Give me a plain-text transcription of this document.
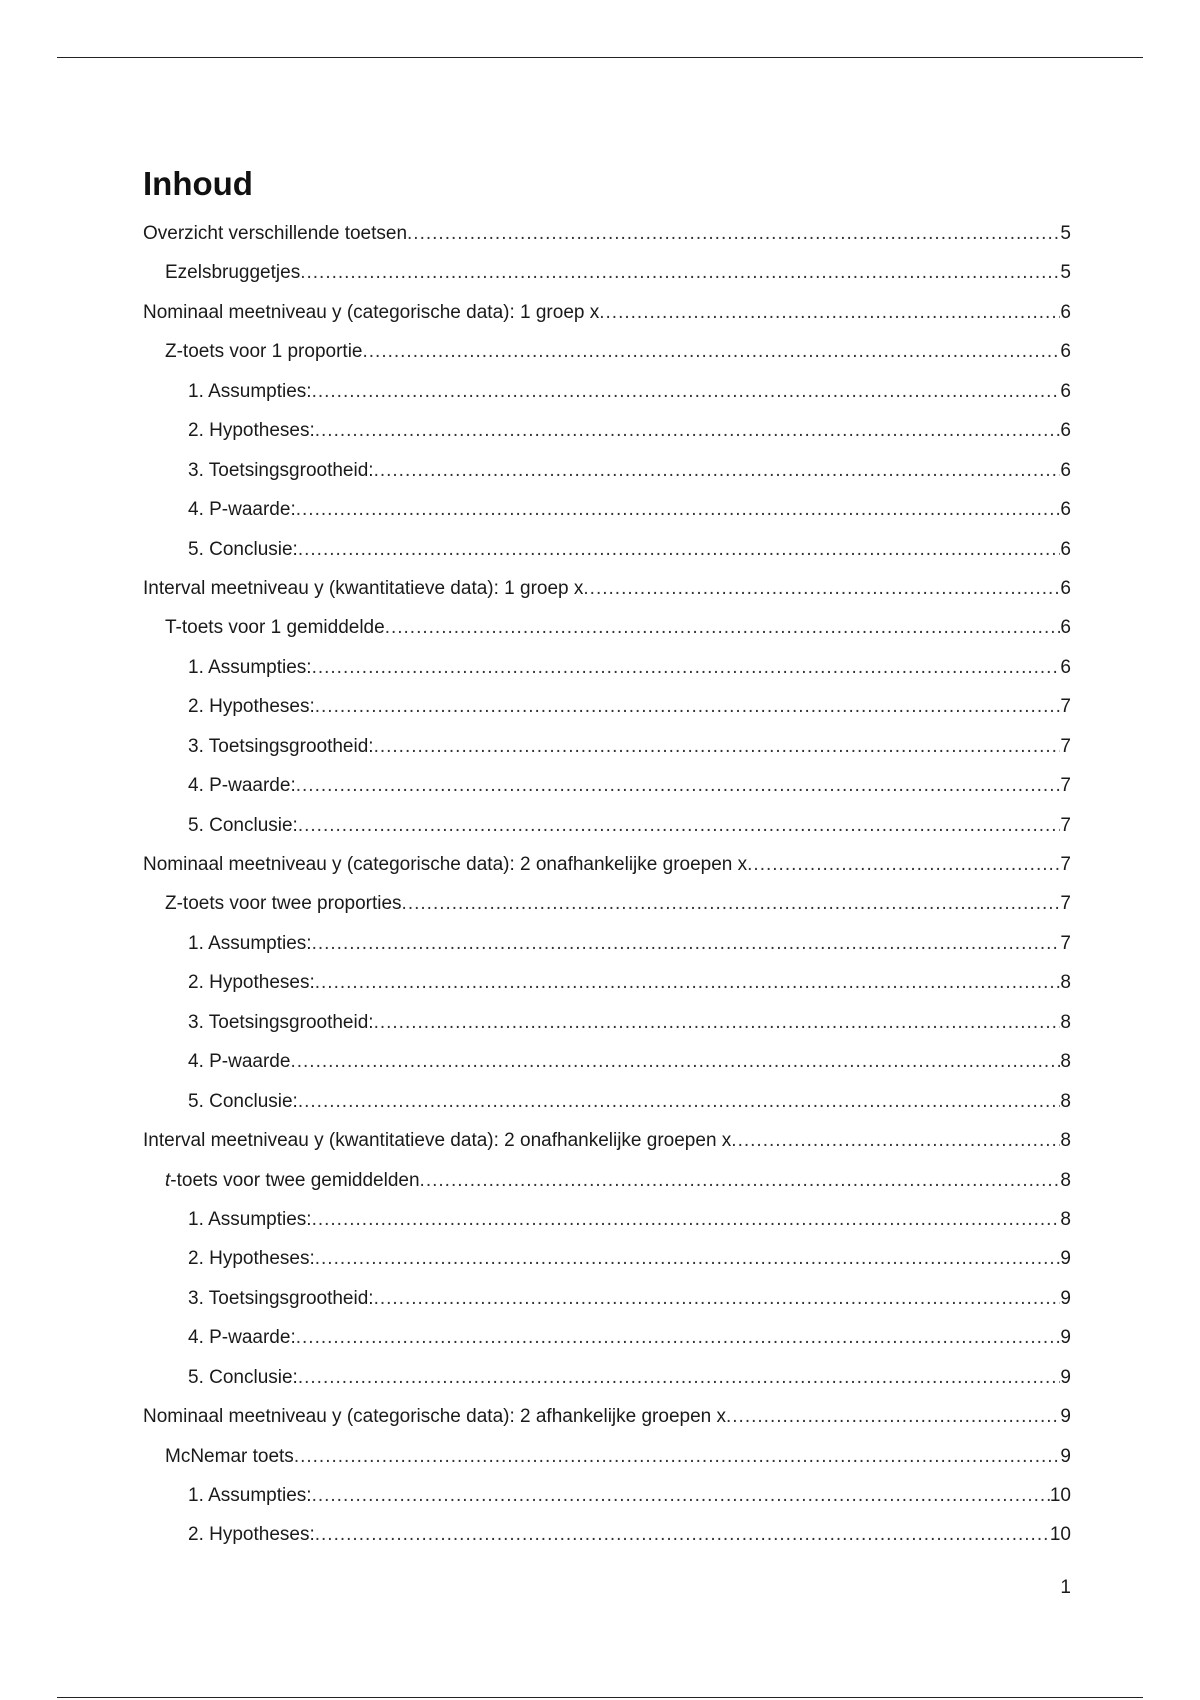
Inhoud
Overzicht verschillende toetsen .....	5
Ezelsbruggetjes .....	5
Nominaal meetniveau y (categorische data): 1 groep x .....	6
Z-toets voor 1 proportie .....	6
1. Assumpties: .....	6
2. Hypotheses: .....	6
3. Toetsingsgrootheid: .....	6
4. P-waarde: .....	6
5. Conclusie: .....	6
Interval meetniveau y (kwantitatieve data): 1 groep x .....	6
T-toets voor 1 gemiddelde .....	6
1. Assumpties: .....	6
2. Hypotheses: .....	7
3. Toetsingsgrootheid: .....	7
4. P-waarde: .....	7
5. Conclusie: .....	7
Nominaal meetniveau y (categorische data): 2 onafhankelijke groepen x .....	7
Z-toets voor twee proporties .....	7
1. Assumpties: .....	7
2. Hypotheses: .....	8
3. Toetsingsgrootheid: .....	8
4. P-waarde .....	8
5. Conclusie: .....	8
Interval meetniveau y (kwantitatieve data): 2 onafhankelijke groepen x .....	8
t-toets voor twee gemiddelden .....	8
1. Assumpties: .....	8
2. Hypotheses: .....	9
3. Toetsingsgrootheid: .....	9
4. P-waarde: .....	9
5. Conclusie: .....	9
Nominaal meetniveau y (categorische data): 2 afhankelijke groepen x .....	9
McNemar toets .....	9
1. Assumpties: .....	10
2. Hypotheses: .....	10
1
